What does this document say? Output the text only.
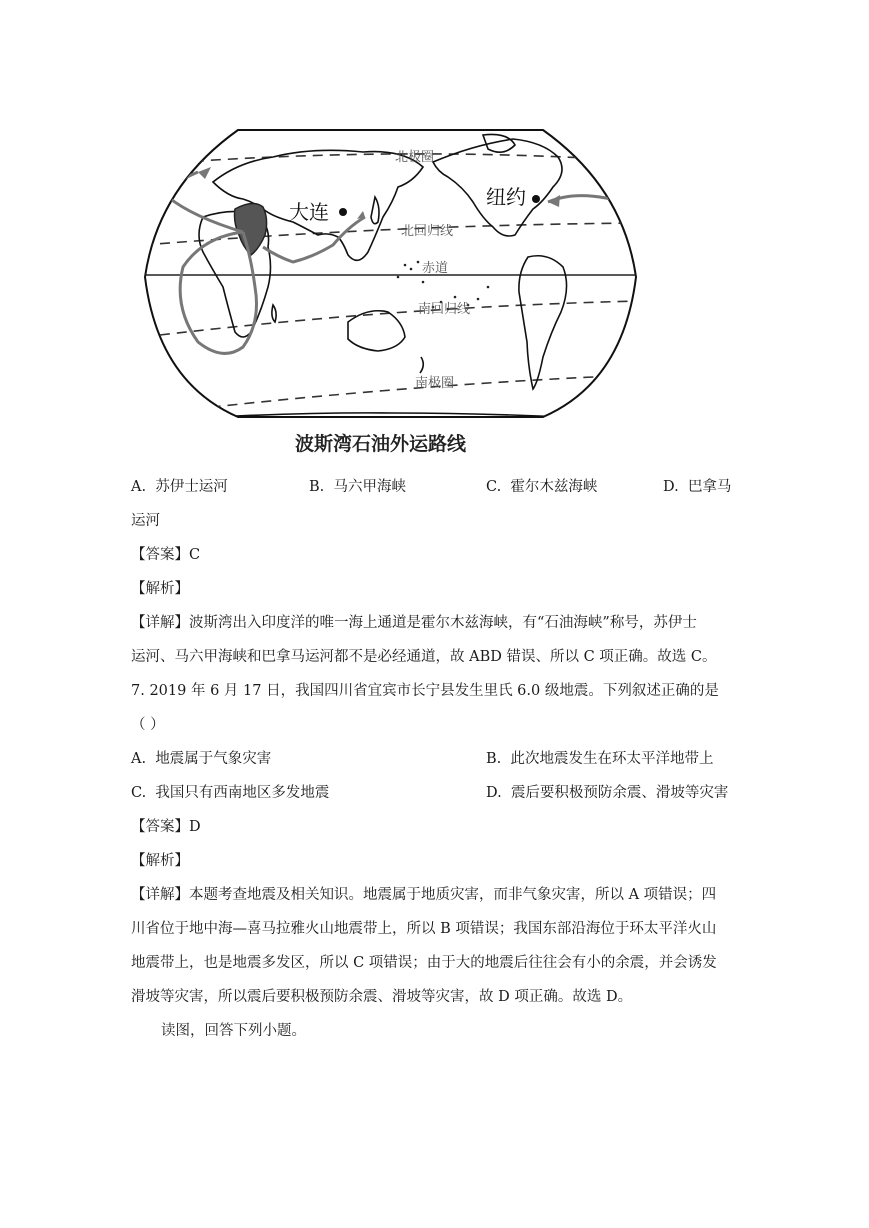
北极圈
大连
纽约
北回归线
赤道
南回归线
南极圈
波斯湾石油外运路线
A. 苏伊士运河	B. 马六甲海峡	C. 霍尔木兹海峡	D. 巴拿马
运河
【答案】C
【解析】
【详解】波斯湾出入印度洋的唯一海上通道是霍尔木兹海峡，有“石油海峡”称号，苏伊士
运河、马六甲海峡和巴拿马运河都不是必经通道，故 ABD 错误、所以 C 项正确。故选 C。
7. 2019 年 6 月 17 日，我国四川省宜宾市长宁县发生里氏 6.0 级地震。下列叙述正确的是
（ ）
A. 地震属于气象灾害	B. 此次地震发生在环太平洋地带上
C. 我国只有西南地区多发地震	D. 震后要积极预防余震、滑坡等灾害
【答案】D
【解析】
【详解】本题考查地震及相关知识。地震属于地质灾害，而非气象灾害，所以 A 项错误；四
川省位于地中海—喜马拉雅火山地震带上，所以 B 项错误；我国东部沿海位于环太平洋火山
地震带上，也是地震多发区，所以 C 项错误；由于大的地震后往往会有小的余震，并会诱发
滑坡等灾害，所以震后要积极预防余震、滑坡等灾害，故 D 项正确。故选 D。
读图，回答下列小题。
